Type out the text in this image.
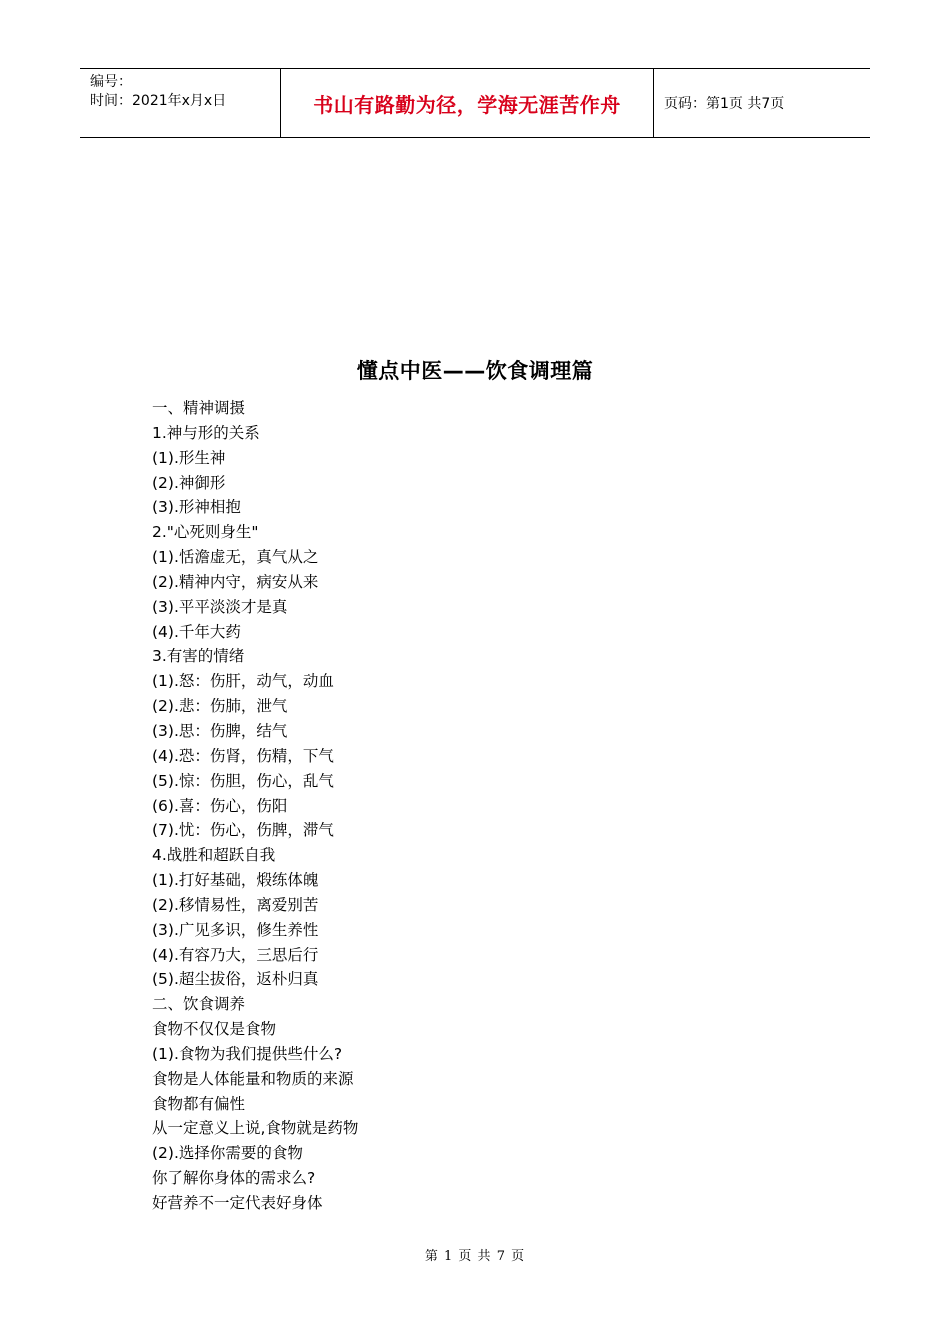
编号：
时间：2021年x月x日	书山有路勤为径，学海无涯苦作舟	页码：第1页 共7页
懂点中医——饮食调理篇
一、精神调摄
1.神与形的关系
(1).形生神
(2).神御形
(3).形神相抱
2."心死则身生"
(1).恬澹虚无，真气从之
(2).精神内守，病安从来
(3).平平淡淡才是真
(4).千年大药
3.有害的情绪
(1).怒：伤肝，动气，动血
(2).悲：伤肺，泄气
(3).思：伤脾，结气
(4).恐：伤肾，伤精，下气
(5).惊：伤胆，伤心，乱气
(6).喜：伤心，伤阳
(7).忧：伤心，伤脾，滞气
4.战胜和超跃自我
(1).打好基础，煅练体魄
(2).移情易性，离爱别苦
(3).广见多识，修生养性
(4).有容乃大，三思后行
(5).超尘拔俗，返朴归真
二、饮食调养
食物不仅仅是食物
(1).食物为我们提供些什么?
食物是人体能量和物质的来源
食物都有偏性
从一定意义上说,食物就是药物
(2).选择你需要的食物
你了解你身体的需求么?
好营养不一定代表好身体
第 1 页 共 7 页
